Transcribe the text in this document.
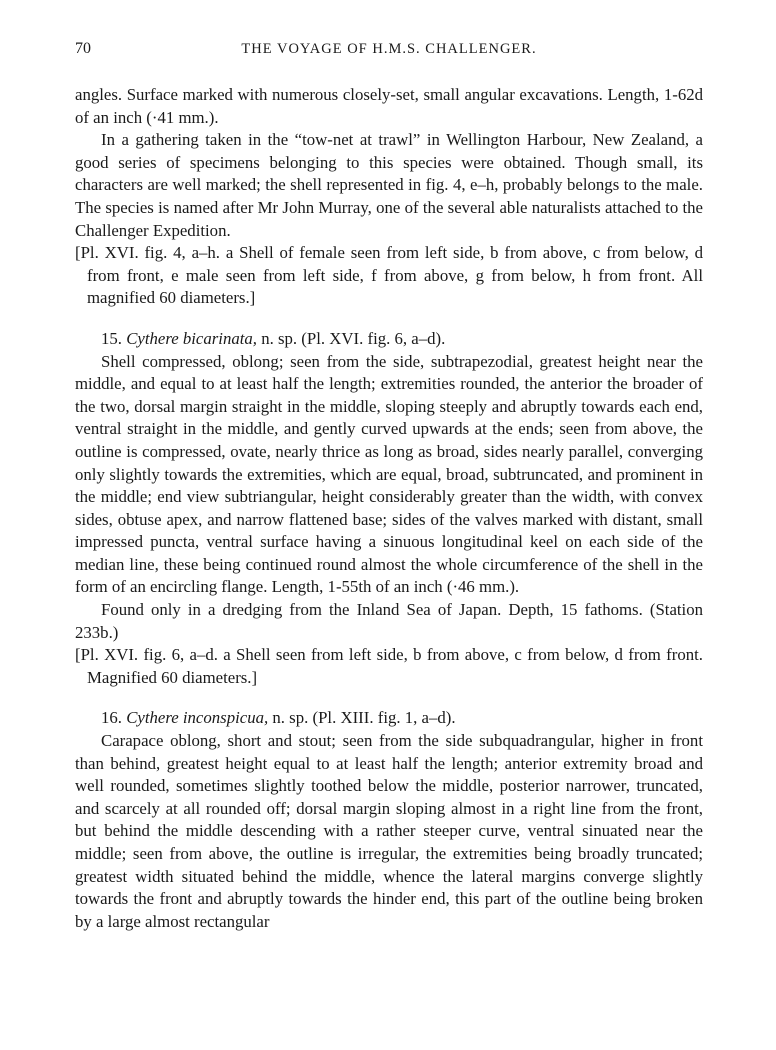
70	THE VOYAGE OF H.M.S. CHALLENGER.

angles. Surface marked with numerous closely-set, small angular excavations. Length, 1-62d of an inch (·41 mm.).

In a gathering taken in the “tow-net at trawl” in Wellington Harbour, New Zealand, a good series of specimens belonging to this species were obtained. Though small, its characters are well marked; the shell represented in fig. 4, e–h, probably belongs to the male. The species is named after Mr John Murray, one of the several able naturalists attached to the Challenger Expedition.

[Pl. XVI. fig. 4, a–h. a Shell of female seen from left side, b from above, c from below, d from front, e male seen from left side, f from above, g from below, h from front. All magnified 60 diameters.]

15. Cythere bicarinata, n. sp. (Pl. XVI. fig. 6, a–d).

Shell compressed, oblong; seen from the side, subtrapezodial, greatest height near the middle, and equal to at least half the length; extremities rounded, the anterior the broader of the two, dorsal margin straight in the middle, sloping steeply and abruptly towards each end, ventral straight in the middle, and gently curved upwards at the ends; seen from above, the outline is compressed, ovate, nearly thrice as long as broad, sides nearly parallel, converging only slightly towards the extremities, which are equal, broad, subtruncated, and prominent in the middle; end view subtriangular, height considerably greater than the width, with convex sides, obtuse apex, and narrow flattened base; sides of the valves marked with distant, small impressed puncta, ventral surface having a sinuous longitudinal keel on each side of the median line, these being continued round almost the whole circumference of the shell in the form of an encircling flange. Length, 1-55th of an inch (·46 mm.).

Found only in a dredging from the Inland Sea of Japan. Depth, 15 fathoms. (Station 233b.)

[Pl. XVI. fig. 6, a–d. a Shell seen from left side, b from above, c from below, d from front. Magnified 60 diameters.]

16. Cythere inconspicua, n. sp. (Pl. XIII. fig. 1, a–d).

Carapace oblong, short and stout; seen from the side subquadrangular, higher in front than behind, greatest height equal to at least half the length; anterior extremity broad and well rounded, sometimes slightly toothed below the middle, posterior narrower, truncated, and scarcely at all rounded off; dorsal margin sloping almost in a right line from the front, but behind the middle descending with a rather steeper curve, ventral sinuated near the middle; seen from above, the outline is irregular, the extremities being broadly truncated; greatest width situated behind the middle, whence the lateral margins converge slightly towards the front and abruptly towards the hinder end, this part of the outline being broken by a large almost rectangular
